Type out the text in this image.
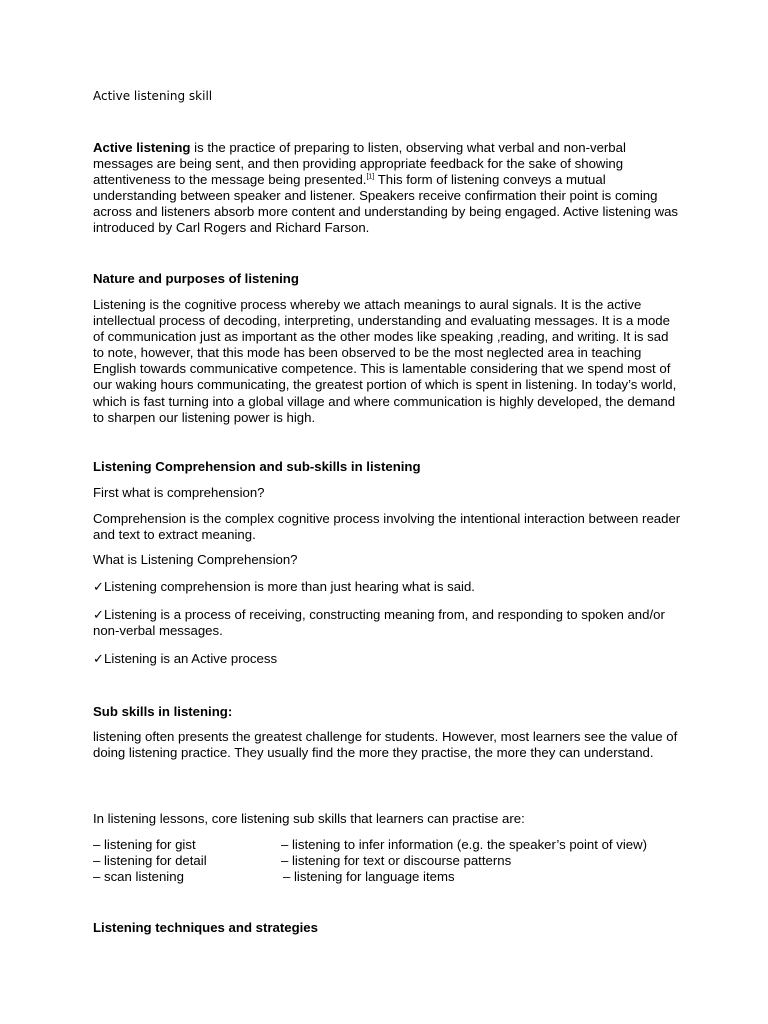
Active listening skill

Active listening is the practice of preparing to listen, observing what verbal and non-verbal messages are being sent, and then providing appropriate feedback for the sake of showing attentiveness to the message being presented.[1] This form of listening conveys a mutual understanding between speaker and listener. Speakers receive confirmation their point is coming across and listeners absorb more content and understanding by being engaged. Active listening was introduced by Carl Rogers and Richard Farson.

Nature and purposes of listening

Listening is the cognitive process whereby we attach meanings to aural signals. It is the active intellectual process of decoding, interpreting, understanding and evaluating messages. It is a mode of communication just as important as the other modes like speaking ,reading, and writing. It is sad to note, however, that this mode has been observed to be the most neglected area in teaching English towards communicative competence. This is lamentable considering that we spend most of our waking hours communicating, the greatest portion of which is spent in listening. In today’s world, which is fast turning into a global village and where communication is highly developed, the demand to sharpen our listening power is high.

Listening Comprehension and sub-skills in listening

First what is comprehension?

Comprehension is the complex cognitive process involving the intentional interaction between reader and text to extract meaning.

What is Listening Comprehension?

✓Listening comprehension is more than just hearing what is said.

✓Listening is a process of receiving, constructing meaning from, and responding to spoken and/or non-verbal messages.

✓Listening is an Active process

Sub skills in listening:

listening often presents the greatest challenge for students. However, most learners see the value of doing listening practice. They usually find the more they practise, the more they can understand.

In listening lessons, core listening sub skills that learners can practise are:

– listening for gist	– listening to infer information (e.g. the speaker’s point of view)
– listening for detail	– listening for text or discourse patterns
– scan listening	– listening for language items

Listening techniques and strategies
